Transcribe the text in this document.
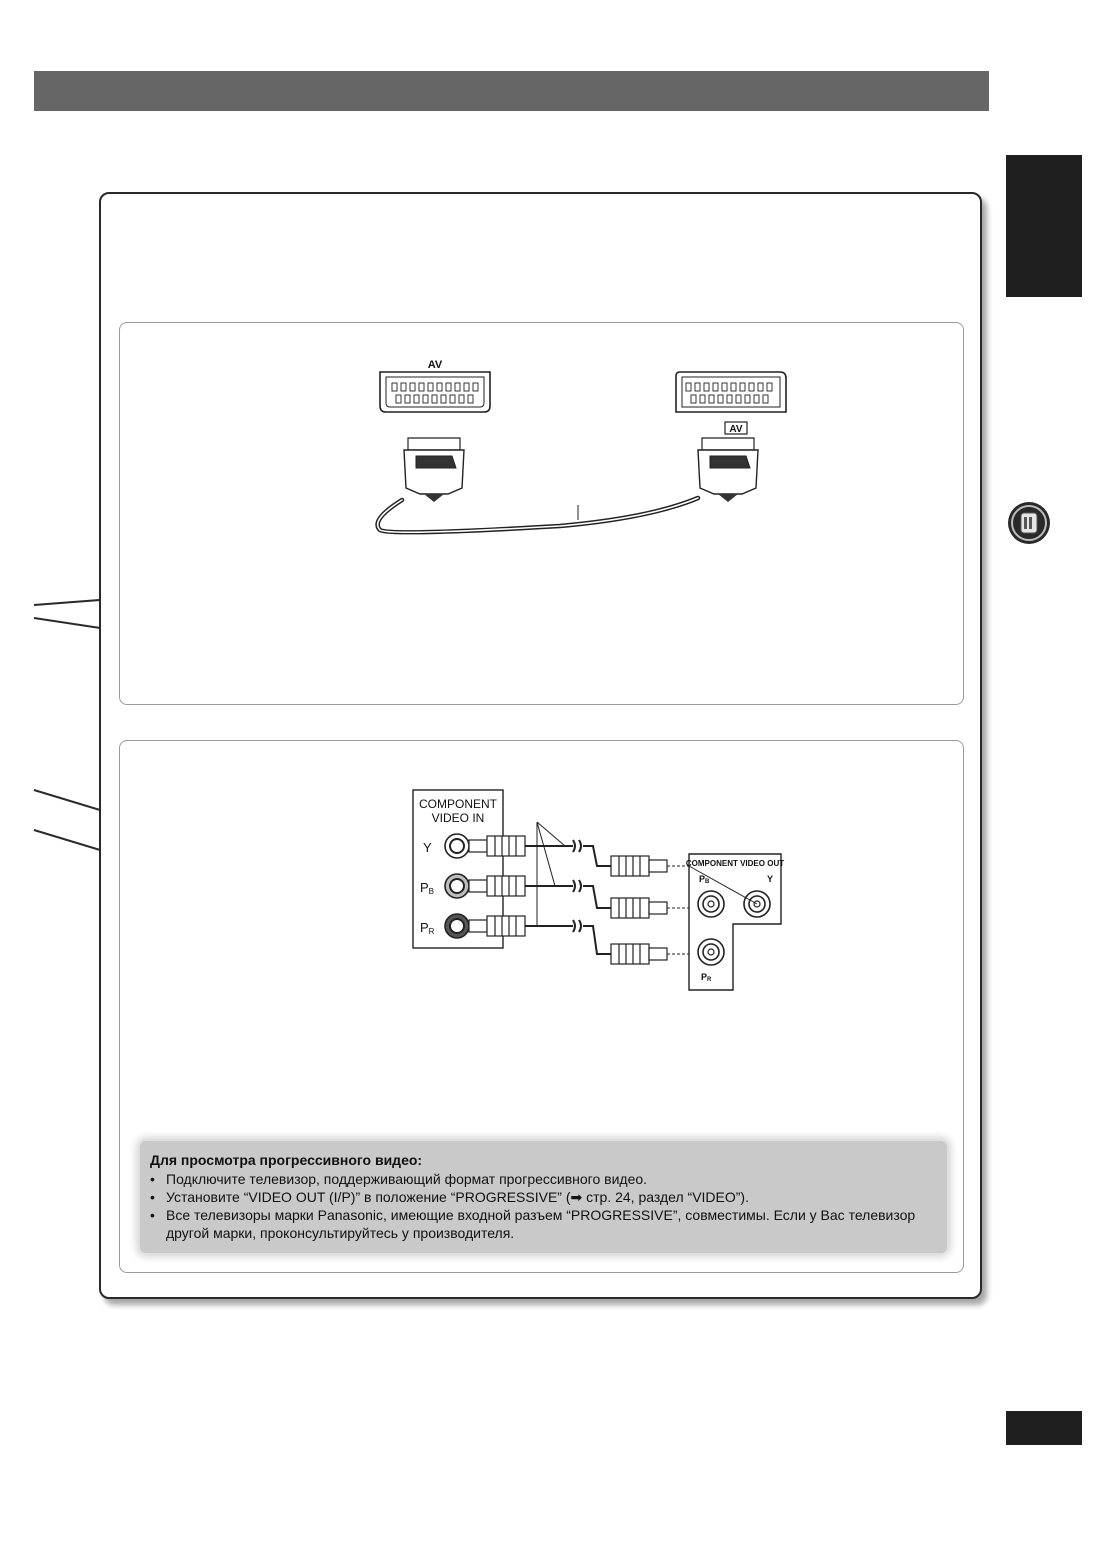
AV
AV
COMPONENT
VIDEO IN
Y
PB
PR
COMPONENT VIDEO OUT
PB	Y
PR
Для просмотра прогрессивного видео:
• Подключите телевизор, поддерживающий формат прогрессивного видео.
• Установите “VIDEO OUT (I/P)” в положение “PROGRESSIVE” (➡ стр. 24, раздел “VIDEO”).
• Все телевизоры марки Panasonic, имеющие входной разъем “PROGRESSIVE”, совместимы. Если у Вас телевизор другой марки, проконсультируйтесь у производителя.
